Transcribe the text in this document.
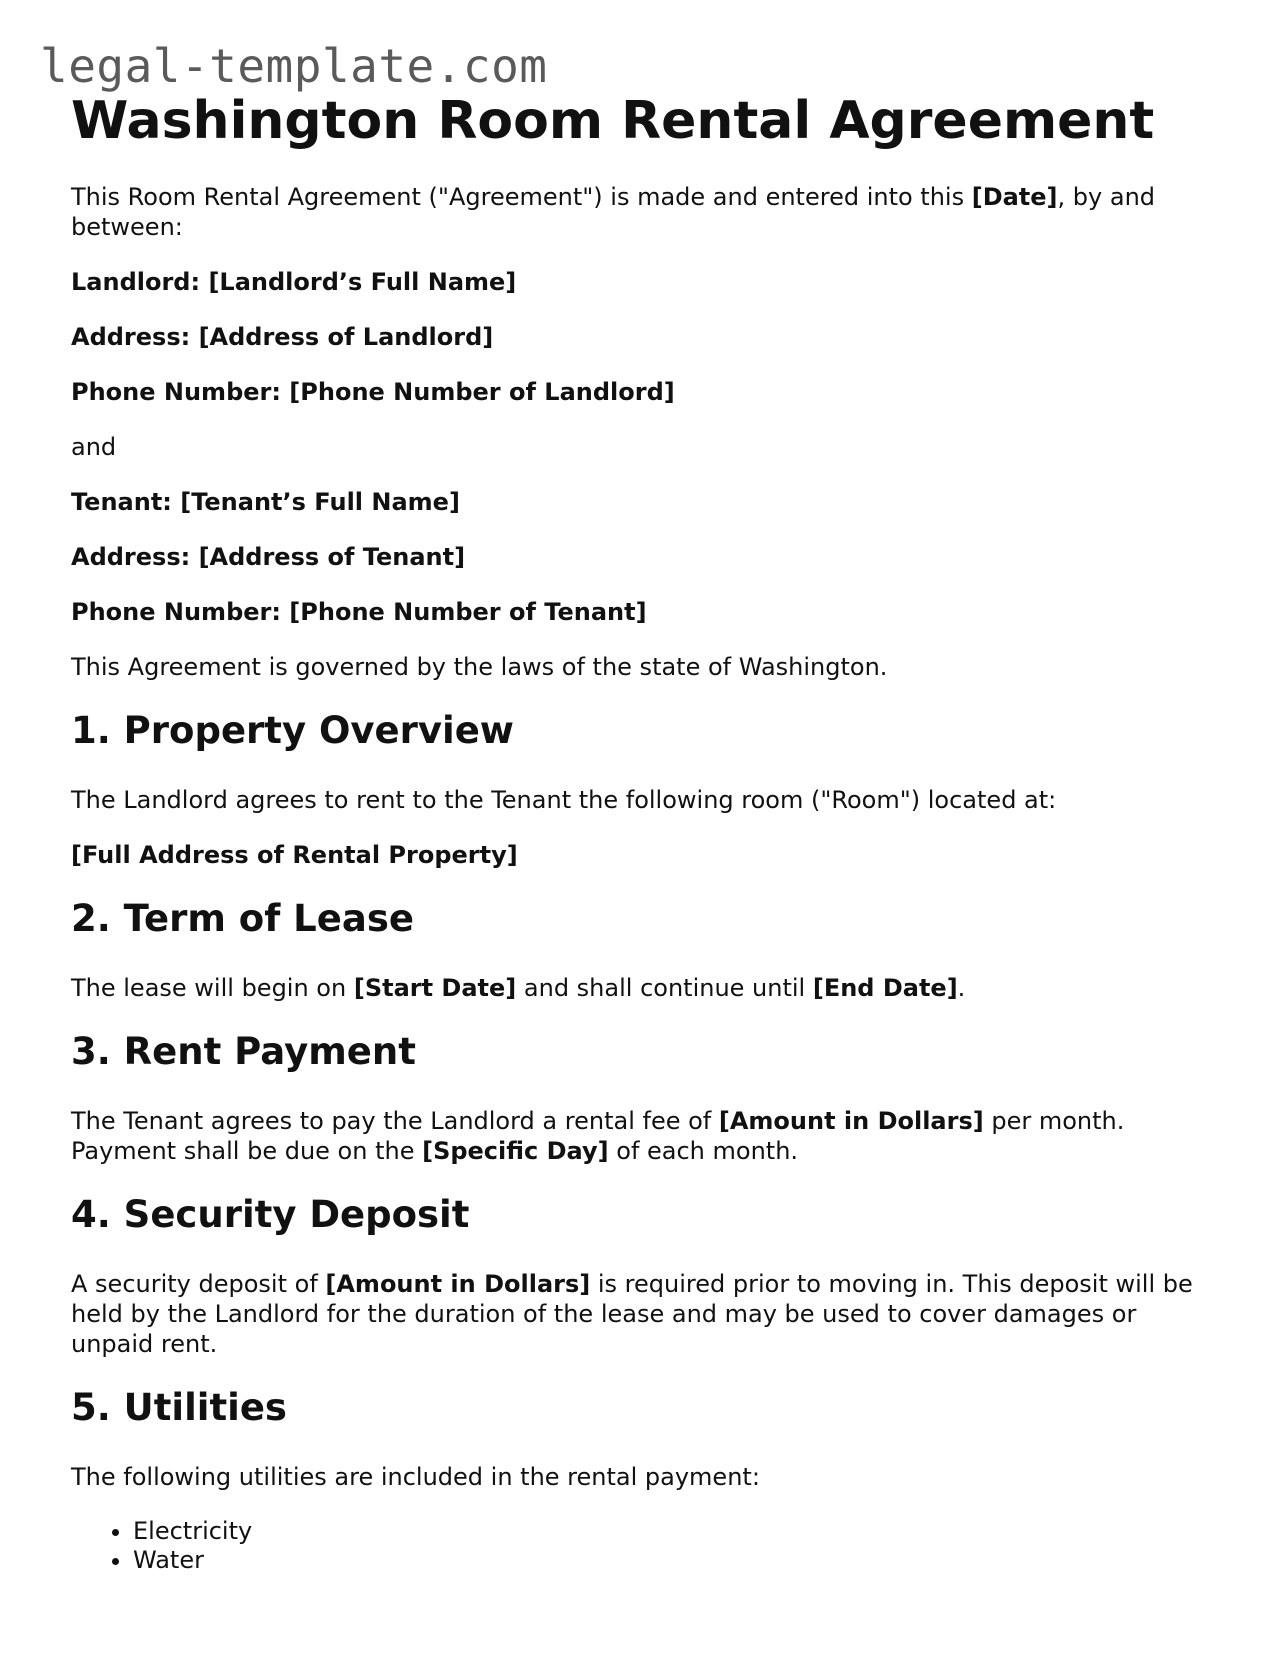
legal-template.com
Washington Room Rental Agreement

This Room Rental Agreement ("Agreement") is made and entered into this [Date], by and between:

Landlord: [Landlord’s Full Name]

Address: [Address of Landlord]

Phone Number: [Phone Number of Landlord]

and

Tenant: [Tenant’s Full Name]

Address: [Address of Tenant]

Phone Number: [Phone Number of Tenant]

This Agreement is governed by the laws of the state of Washington.

1. Property Overview

The Landlord agrees to rent to the Tenant the following room ("Room") located at:

[Full Address of Rental Property]

2. Term of Lease

The lease will begin on [Start Date] and shall continue until [End Date].

3. Rent Payment

The Tenant agrees to pay the Landlord a rental fee of [Amount in Dollars] per month. Payment shall be due on the [Specific Day] of each month.

4. Security Deposit

A security deposit of [Amount in Dollars] is required prior to moving in. This deposit will be held by the Landlord for the duration of the lease and may be used to cover damages or unpaid rent.

5. Utilities

The following utilities are included in the rental payment:

• Electricity
• Water
